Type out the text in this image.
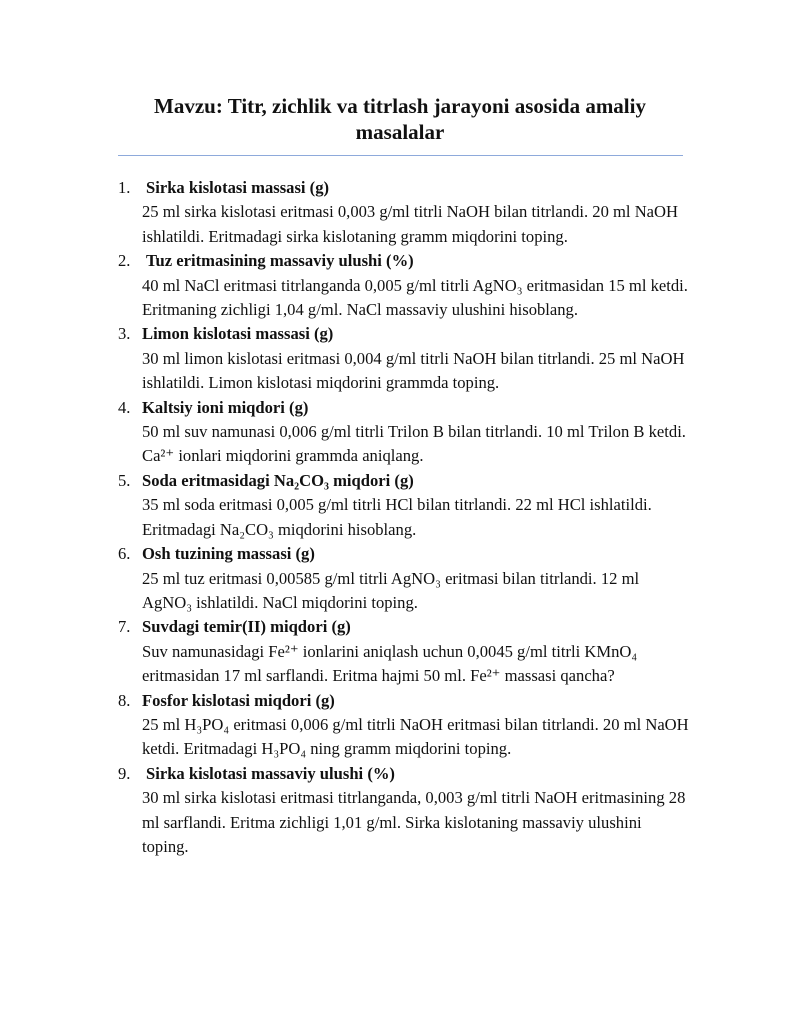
Mavzu: Titr, zichlik va titrlash jarayoni asosida amaliy masalalar
1. Sirka kislotasi massasi (g)
25 ml sirka kislotasi eritmasi 0,003 g/ml titrli NaOH bilan titrlandi. 20 ml NaOH ishlatildi. Eritmadagi sirka kislotaning gramm miqdorini toping.
2. Tuz eritmasining massaviy ulushi (%)
40 ml NaCl eritmasi titrlanganda 0,005 g/ml titrli AgNO₃ eritmasidan 15 ml ketdi. Eritmaning zichligi 1,04 g/ml. NaCl massaviy ulushini hisoblang.
3. Limon kislotasi massasi (g)
30 ml limon kislotasi eritmasi 0,004 g/ml titrli NaOH bilan titrlandi. 25 ml NaOH ishlatildi. Limon kislotasi miqdorini grammda toping.
4. Kaltsiy ioni miqdori (g)
50 ml suv namunasi 0,006 g/ml titrli Trilon B bilan titrlandi. 10 ml Trilon B ketdi. Ca²⁺ ionlari miqdorini grammda aniqlang.
5. Soda eritmasidagi Na₂CO₃ miqdori (g)
35 ml soda eritmasi 0,005 g/ml titrli HCl bilan titrlandi. 22 ml HCl ishlatildi. Eritmadagi Na₂CO₃ miqdorini hisoblang.
6. Osh tuzining massasi (g)
25 ml tuz eritmasi 0,00585 g/ml titrli AgNO₃ eritmasi bilan titrlandi. 12 ml AgNO₃ ishlatildi. NaCl miqdorini toping.
7. Suvdagi temir(II) miqdori (g)
Suv namunasidagi Fe²⁺ ionlarini aniqlash uchun 0,0045 g/ml titrli KMnO₄ eritmasidan 17 ml sarflandi. Eritma hajmi 50 ml. Fe²⁺ massasi qancha?
8. Fosfor kislotasi miqdori (g)
25 ml H₃PO₄ eritmasi 0,006 g/ml titrli NaOH eritmasi bilan titrlandi. 20 ml NaOH ketdi. Eritmadagi H₃PO₄ ning gramm miqdorini toping.
9. Sirka kislotasi massaviy ulushi (%)
30 ml sirka kislotasi eritmasi titrlanganda, 0,003 g/ml titrli NaOH eritmasining 28 ml sarflandi. Eritma zichligi 1,01 g/ml. Sirka kislotaning massaviy ulushini toping.
